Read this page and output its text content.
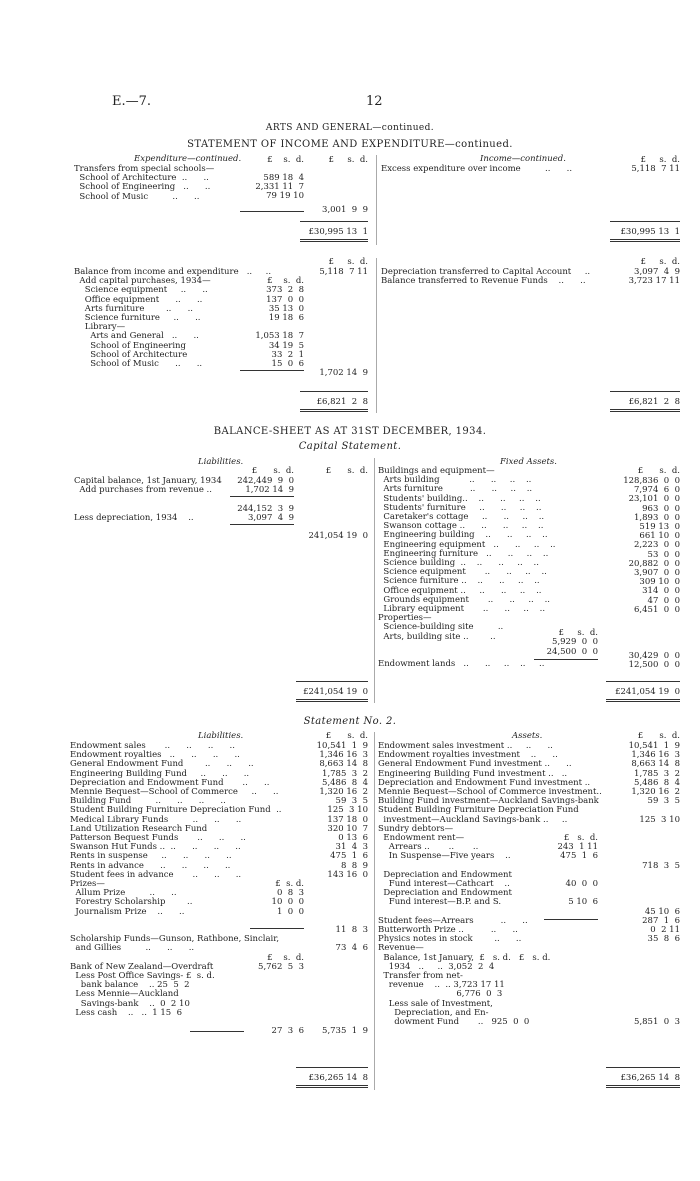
E.—7.	12
ARTS AND GENERAL—continued.
STATEMENT OF INCOME AND EXPENDITURE—continued.
Expenditure—continued.
Transfers from special schools—
School of Architecture  ..      ..
School of Engineering   ..      ..
School of Music         ..      ..
£    s.  d.
589 18  4
2,331 11  7
79 19 10
£     s.  d.
3,001  9  9
£30,995 13  1
Income—continued.
Excess expenditure over income         ..      ..
£     s.  d.
5,118  7 11
£30,995 13  1
£     s.  d.
Balance from income and expenditure   ..     ..
Add capital purchases, 1934—
Science equipment     ..      ..
Office equipment      ..      ..
Arts furniture        ..      ..
Science furniture     ..      ..
Library—
Arts and General   ..      ..
School of Engineering
School of Architecture
School of Music      ..      ..
£    s.  d.

373  2  8
137  0  0
35 13  0
19 18  6

1,053 18  7
34 19  5
33  2  1
15  0  6
5,118  7 11

1,702 14  9
£6,821  2  8
Depreciation transferred to Capital Account     ..
Balance transferred to Revenue Funds    ..      ..
£     s.  d.
3,097  4  9
3,723 17 11
£6,821  2  8
BALANCE-SHEET AS AT 31ST DECEMBER, 1934.
Capital Statement.
Liabilities.
Capital balance, 1st January, 1934
Add purchases from revenue ..

Less depreciation, 1934    ..
£      s.  d.
242,449  9  0
1,702 14  9

244,152  3  9
3,097  4  9
£      s.  d.

241,054 19  0
£241,054 19  0
Fixed Assets.
Buildings and equipment—
Arts building           ..      ..     ..    ..
Arts furniture          ..      ..     ..    ..
Students' building..    ..      ..     ..    ..
Students' furniture     ..      ..     ..    ..
Caretaker's cottage     ..      ..     ..    ..
Swanson cottage ..      ..      ..     ..    ..
Engineering building    ..      ..     ..    ..
Engineering equipment   ..      ..     ..    ..
Engineering furniture   ..      ..     ..    ..
Science building  ..    ..      ..     ..    ..
Science equipment       ..      ..     ..    ..
Science furniture ..    ..      ..     ..    ..
Office equipment ..     ..      ..     ..    ..
Grounds equipment       ..      ..     ..    ..
Library equipment       ..      ..     ..    ..
Properties—
Science-building site         ..
Arts, building site ..        ..

Endowment lands   ..      ..     ..    ..     ..
£     s.  d.

5,929  0  0
24,500  0  0
£      s.  d.
128,836  0  0
7,974  6  0
23,101  0  0
963  0  0
1,893  0  0
519 13  0
661 10  0
2,223  0  0
53  0  0
20,882  0  0
3,907  0  0
309 10  0
314  0  0
47  0  0
6,451  0  0

30,429  0  0
12,500  0  0
£241,054 19  0
Statement No. 2.
Liabilities.
Endowment sales       ..      ..      ..      ..
Endowment royalties   ..      ..      ..      ..
General Endowment Fund        ..      ..      ..
Engineering Building Fund     ..      ..      ..
Depreciation and Endowment Fund       ..      ..
Mennie Bequest—School of Commerce     ..      ..
Building Fund         ..      ..      ..      ..
Student Building Furniture Depreciation Fund  ..
Medical Library Funds         ..      ..      ..
Land Utilization Research Fund
Patterson Bequest Funds       ..      ..      ..
Swanson Hut Funds ..  ..      ..      ..      ..
Rents in suspense     ..      ..      ..      ..
Rents in advance      ..      ..      ..      ..
Student fees in advance       ..      ..      ..
Prizes—
Allum Prize         ..      ..
Forestry Scholarship        ..
Journalism Prize    ..      ..

Scholarship Funds—Gunson, Rathbone, Sinclair,
and Gillies         ..      ..      ..

Bank of New Zealand—Overdraft
Less Post Office Savings- £  s. d.
bank balance    .. 25  5  2
Less Mennie—Auckland
Savings-bank    ..  0  2 10
Less cash    ..   ..  1 15  6

£  s. d.
0  8  3
10  0  0
1  0  0

£    s.  d.
5,762  5  3

27  3  6
£      s.  d.
10,541  1  9
1,346 16  3
8,663 14  8
1,785  3  2
5,486  8  4
1,320 16  2
59  3  5
125  3 10
137 18  0
320 10  7
0 13  6
31  4  3
475  1  6
8  8  9
143 16  0

11  8  3

73  4  6

5,735  1  9
£36,265 14  8
Assets.
Endowment sales investment ..     ..      ..
Endowment royalties investment    ..      ..
General Endowment Fund investment ..      ..
Engineering Building Fund investment ..   ..
Depreciation and Endowment Fund investment ..
Mennie Bequest—School of Commerce investment..
Building Fund investment—Auckland Savings-bank
Student Building Furniture Depreciation Fund
investment—Auckland Savings-bank ..     ..
Sundry debtors—
Endowment rent—
Arrears ..       ..       ..
In Suspense—Five years    ..

Depreciation and Endowment
Fund interest—Cathcart    ..
Depreciation and Endowment
Fund interest—B.P. and S.

Student fees—Arrears          ..      ..
Butterworth Prize ..          ..      ..
Physics notes in stock        ..      ..
Revenue—
Balance, 1st January,  £   s. d.   £   s. d.
1934   ..     ..  3,052  2  4
Transfer from net-
revenue    ..  .. 3,723 17 11
6,776  0  3
Less sale of Investment,
Depreciation, and En-
dowment Fund       ..   925  0  0

£   s.  d.
243  1 11
475  1  6

40  0  0

5 10  6
£      s.  d.
10,541  1  9
1,346 16  3
8,663 14  8
1,785  3  2
5,486  8  4
1,320 16  2
59  3  5

125  3 10

718  3  5

45 10  6
287  1  6
0  2 11
35  8  6

5,851  0  3
£36,265 14  8
